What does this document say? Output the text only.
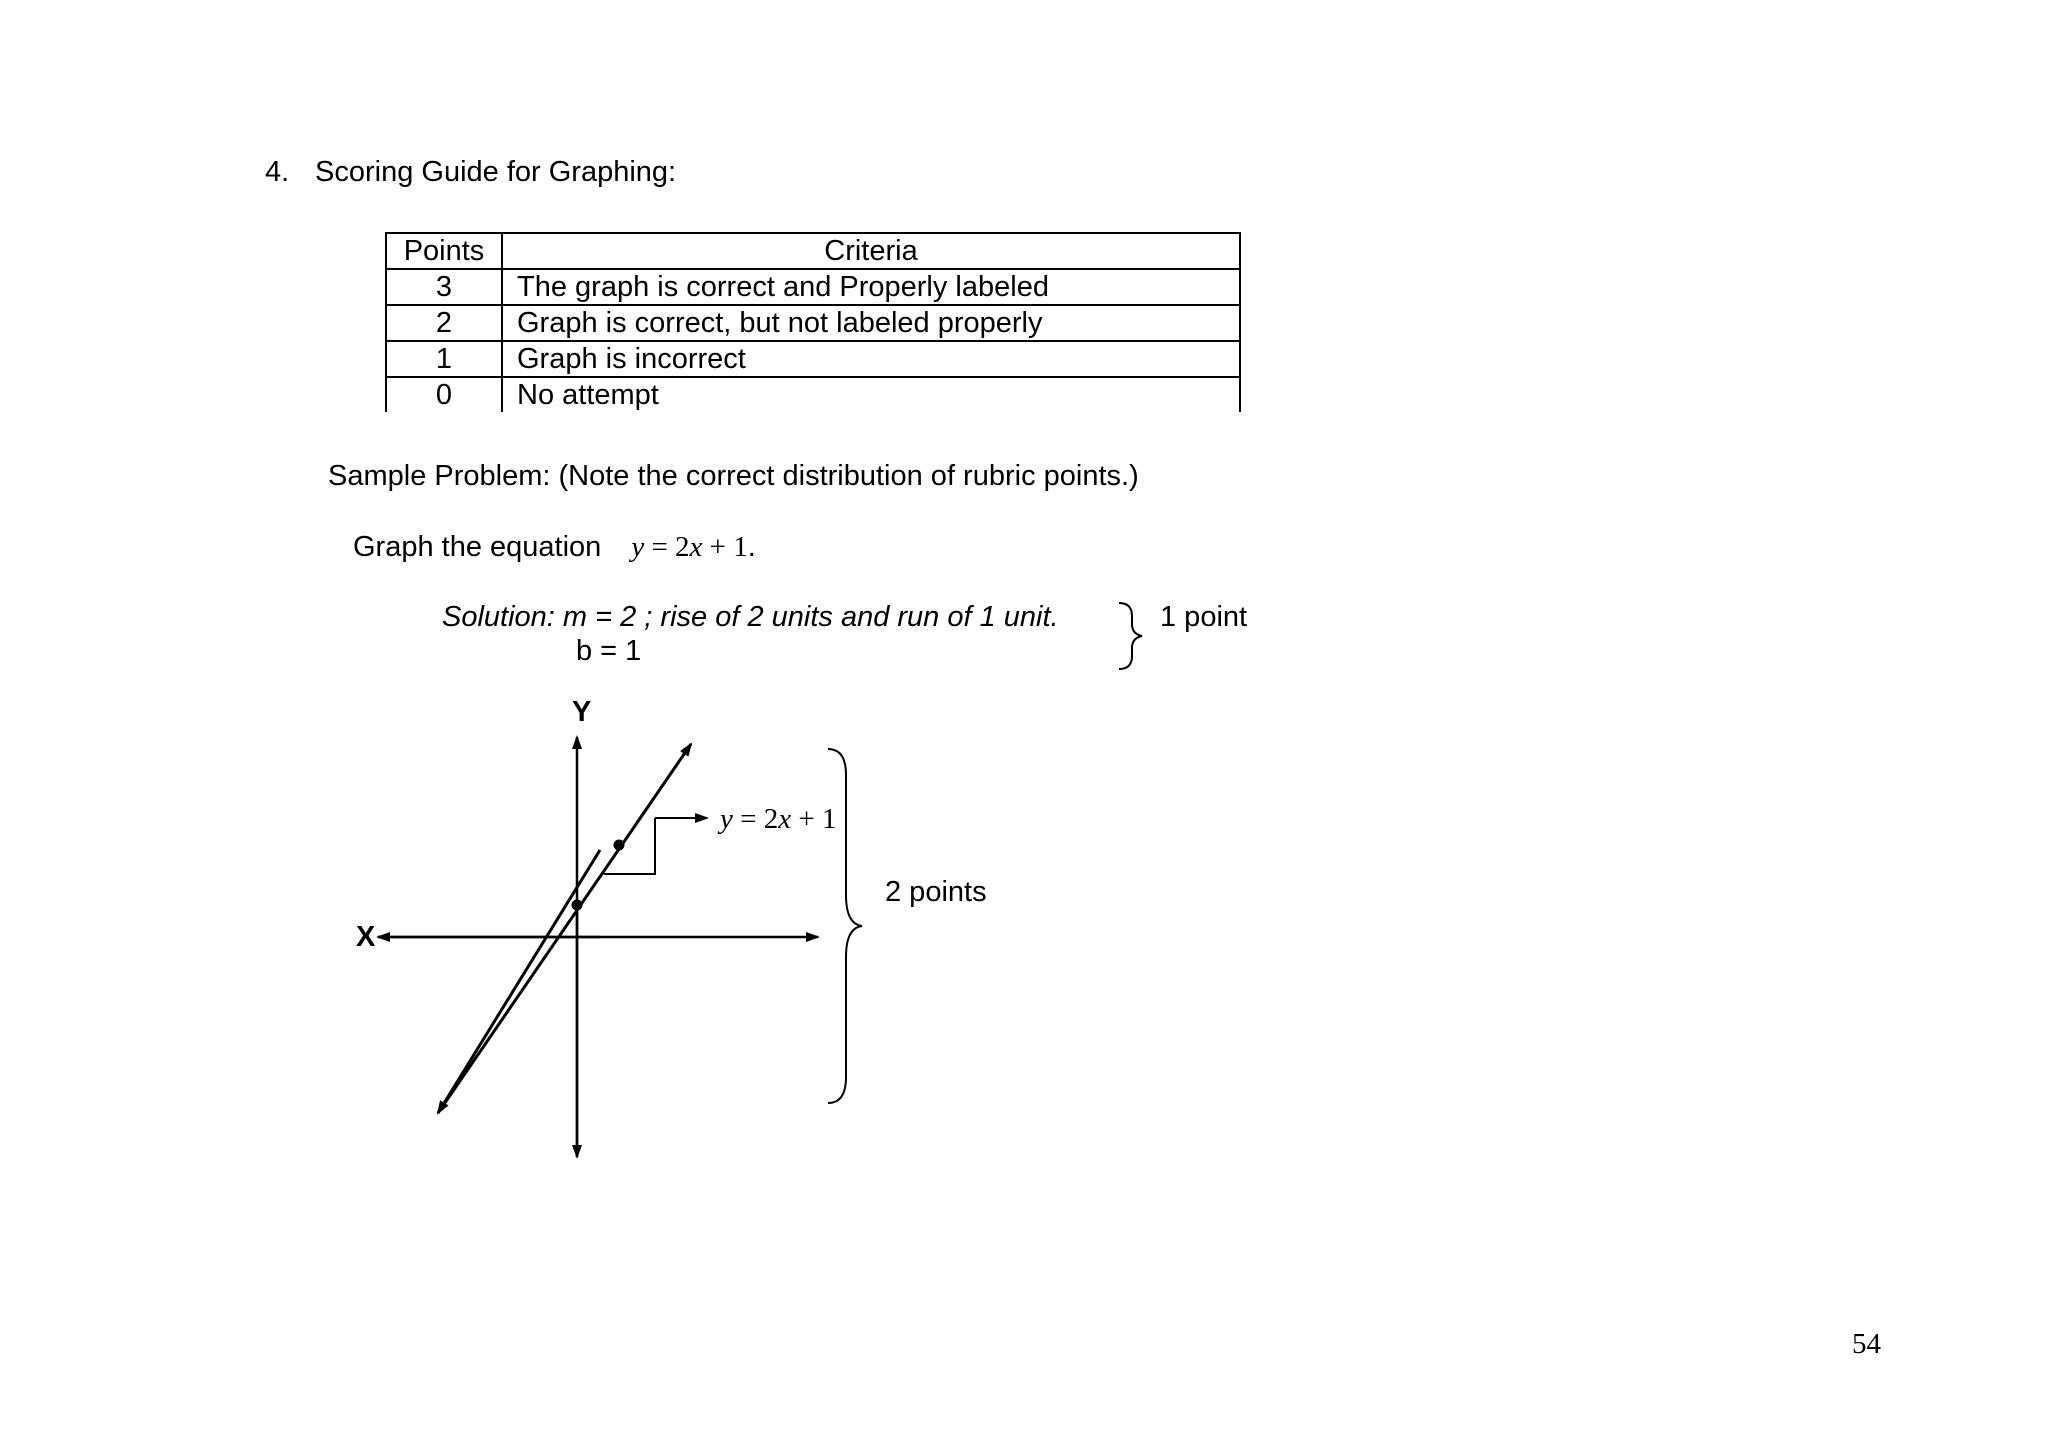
4. Scoring Guide for Graphing:
Points	Criteria
3	The graph is correct and Properly labeled
2	Graph is correct, but not labeled properly
1	Graph is incorrect
0	No attempt
Sample Problem: (Note the correct distribution of rubric points.)
Graph the equation y = 2x + 1.
Solution: m = 2 ; rise of 2 units and run of 1 unit.
b = 1
1 point
2 points
Y
X
y = 2x + 1
54
